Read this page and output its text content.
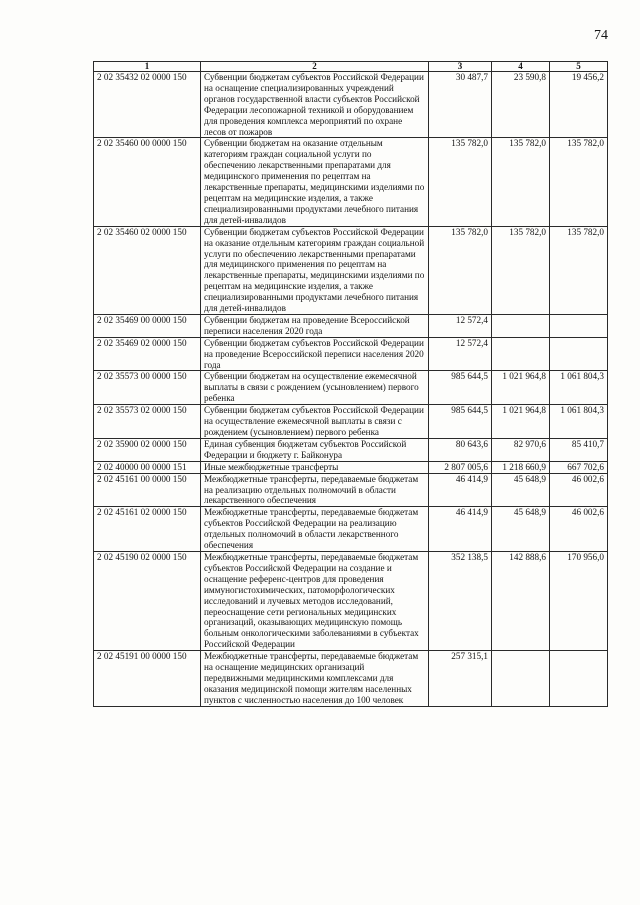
74
1	2	3	4	5
2 02 35432 02 0000 150	Субвенции бюджетам субъектов Российской Федерации на оснащение специализированных учреждений органов государственной власти субъектов Российской Федерации лесопожарной техникой и оборудованием для проведения комплекса мероприятий по охране лесов от пожаров	30 487,7	23 590,8	19 456,2
2 02 35460 00 0000 150	Субвенции бюджетам на оказание отдельным категориям граждан социальной услуги по обеспечению лекарственными препаратами для медицинского применения по рецептам на лекарственные препараты, медицинскими изделиями по рецептам на медицинские изделия, а также специализированными продуктами лечебного питания для детей-инвалидов	135 782,0	135 782,0	135 782,0
2 02 35460 02 0000 150	Субвенции бюджетам субъектов Российской Федерации на оказание отдельным категориям граждан социальной услуги по обеспечению лекарственными препаратами для медицинского применения по рецептам на лекарственные препараты, медицинскими изделиями по рецептам на медицинские изделия, а также специализированными продуктами лечебного питания для детей-инвалидов	135 782,0	135 782,0	135 782,0
2 02 35469 00 0000 150	Субвенции бюджетам на проведение Всероссийской переписи населения 2020 года	12 572,4		
2 02 35469 02 0000 150	Субвенции бюджетам субъектов Российской Федерации на проведение Всероссийской переписи населения 2020 года	12 572,4		
2 02 35573 00 0000 150	Субвенции бюджетам на осуществление ежемесячной выплаты в связи с рождением (усыновлением) первого ребенка	985 644,5	1 021 964,8	1 061 804,3
2 02 35573 02 0000 150	Субвенции бюджетам субъектов Российской Федерации на осуществление ежемесячной выплаты в связи с рождением (усыновлением) первого ребенка	985 644,5	1 021 964,8	1 061 804,3
2 02 35900 02 0000 150	Единая субвенция бюджетам субъектов Российской Федерации и бюджету г. Байконура	80 643,6	82 970,6	85 410,7
2 02 40000 00 0000 151	Иные межбюджетные трансферты	2 807 005,6	1 218 660,9	667 702,6
2 02 45161 00 0000 150	Межбюджетные трансферты, передаваемые бюджетам на реализацию отдельных полномочий в области лекарственного обеспечения	46 414,9	45 648,9	46 002,6
2 02 45161 02 0000 150	Межбюджетные трансферты, передаваемые бюджетам субъектов Российской Федерации на реализацию отдельных полномочий в области лекарственного обеспечения	46 414,9	45 648,9	46 002,6
2 02 45190 02 0000 150	Межбюджетные трансферты, передаваемые бюджетам субъектов Российской Федерации на создание и оснащение референс-центров для проведения иммуногистохимических, патоморфологических исследований и лучевых методов исследований, переоснащение сети региональных медицинских организаций, оказывающих медицинскую помощь больным онкологическими заболеваниями в субъектах Российской Федерации	352 138,5	142 888,6	170 956,0
2 02 45191 00 0000 150	Межбюджетные трансферты, передаваемые бюджетам на оснащение медицинских организаций передвижными медицинскими комплексами для оказания медицинской помощи жителям населенных пунктов с численностью населения до 100 человек	257 315,1		
